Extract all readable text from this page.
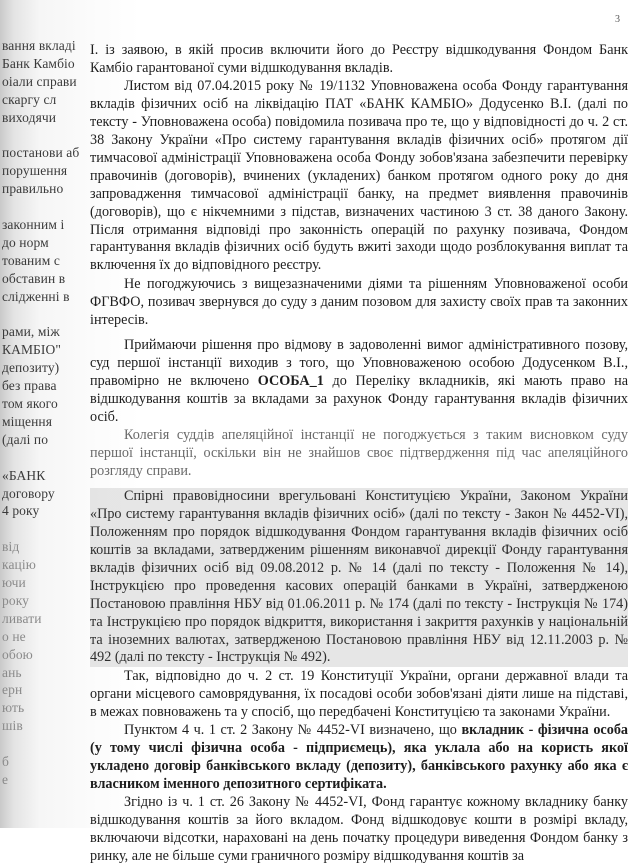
3
вання вкладі
Банк Камбіо
оіали справи
скаргу сл
виходячи
постанови аб
порушення
правильно
законним і
до норм
тованим с
обставин в
слідженні в
рами, між
КАМБІО"
депозиту)
без права
том якого
міщення
(далі по
«БАНК
договору
4 року
від
кацію
ючи
року
ливати
о не
обою
ань
ерн
ють
шів
б
е

І. із заявою, в якій просив включити його до Реєстру відшкодування Фондом Банк Камбіо гарантованої суми відшкодування вкладів.

Листом від 07.04.2015 року № 19/1132 Уповноважена особа Фонду гарантування вкладів фізичних осіб на ліквідацію ПАТ «БАНК КАМБІО» Додусенко В.І. (далі по тексту - Уповноважена особа) повідомила позивача про те, що у відповідності до ч. 2 ст. 38 Закону України «Про систему гарантування вкладів фізичних осіб» протягом дії тимчасової адміністрації Уповноважена особа Фонду зобов'язана забезпечити перевірку правочинів (договорів), вчинених (укладених) банком протягом одного року до дня запровадження тимчасової адміністрації банку, на предмет виявлення правочинів (договорів), що є нікчемними з підстав, визначених частиною 3 ст. 38 даного Закону. Після отримання відповіді про законність операцій по рахунку позивача, Фондом гарантування вкладів фізичних осіб будуть вжиті заходи щодо розблокування виплат та включення їх до відповідного реєстру.

Не погоджуючись з вищезазначеними діями та рішенням Уповноваженої особи ФГВФО, позивач звернувся до суду з даним позовом для захисту своїх прав та законних інтересів.

Приймаючи рішення про відмову в задоволенні вимог адміністративного позову, суд першої інстанції виходив з того, що Уповноваженою особою Додусенком В.І., правомірно не включено ОСОБА_1 до Переліку вкладників, які мають право на відшкодування коштів за вкладами за рахунок Фонду гарантування вкладів фізичних осіб.

Колегія суддів апеляційної інстанції не погоджується з таким висновком суду першої інстанції, оскільки він не знайшов своє підтвердження під час апеляційного розгляду справи.

Спірні правовідносини врегульовані Конституцією України, Законом України «Про систему гарантування вкладів фізичних осіб» (далі по тексту - Закон № 4452-VI), Положенням про порядок відшкодування Фондом гарантування вкладів фізичних осіб коштів за вкладами, затвердженим рішенням виконавчої дирекції Фонду гарантування вкладів фізичних осіб від 09.08.2012 р. № 14 (далі по тексту - Положення № 14), Інструкцією про проведення касових операцій банками в Україні, затвердженою Постановою правління НБУ від 01.06.2011 р. № 174 (далі по тексту - Інструкція № 174) та Інструкцією про порядок відкриття, використання і закриття рахунків у національній та іноземних валютах, затвердженою Постановою правління НБУ від 12.11.2003 р. № 492 (далі по тексту - Інструкція № 492).

Так, відповідно до ч. 2 ст. 19 Конституції України, органи державної влади та органи місцевого самоврядування, їх посадові особи зобов'язані діяти лише на підставі, в межах повноважень та у спосіб, що передбачені Конституцією та законами України.

Пунктом 4 ч. 1 ст. 2 Закону № 4452-VI визначено, що вкладник - фізична особа (у тому числі фізична особа - підприємець), яка уклала або на користь якої укладено договір банківського вкладу (депозиту), банківського рахунку або яка є власником іменного депозитного сертифіката.

Згідно із ч. 1 ст. 26 Закону № 4452-VI, Фонд гарантує кожному вкладнику банку відшкодування коштів за його вкладом. Фонд відшкодовує кошти в розмірі вкладу, включаючи відсотки, нараховані на день початку процедури виведення Фондом банку з ринку, але не більше суми граничного розміру відшкодування коштів за
